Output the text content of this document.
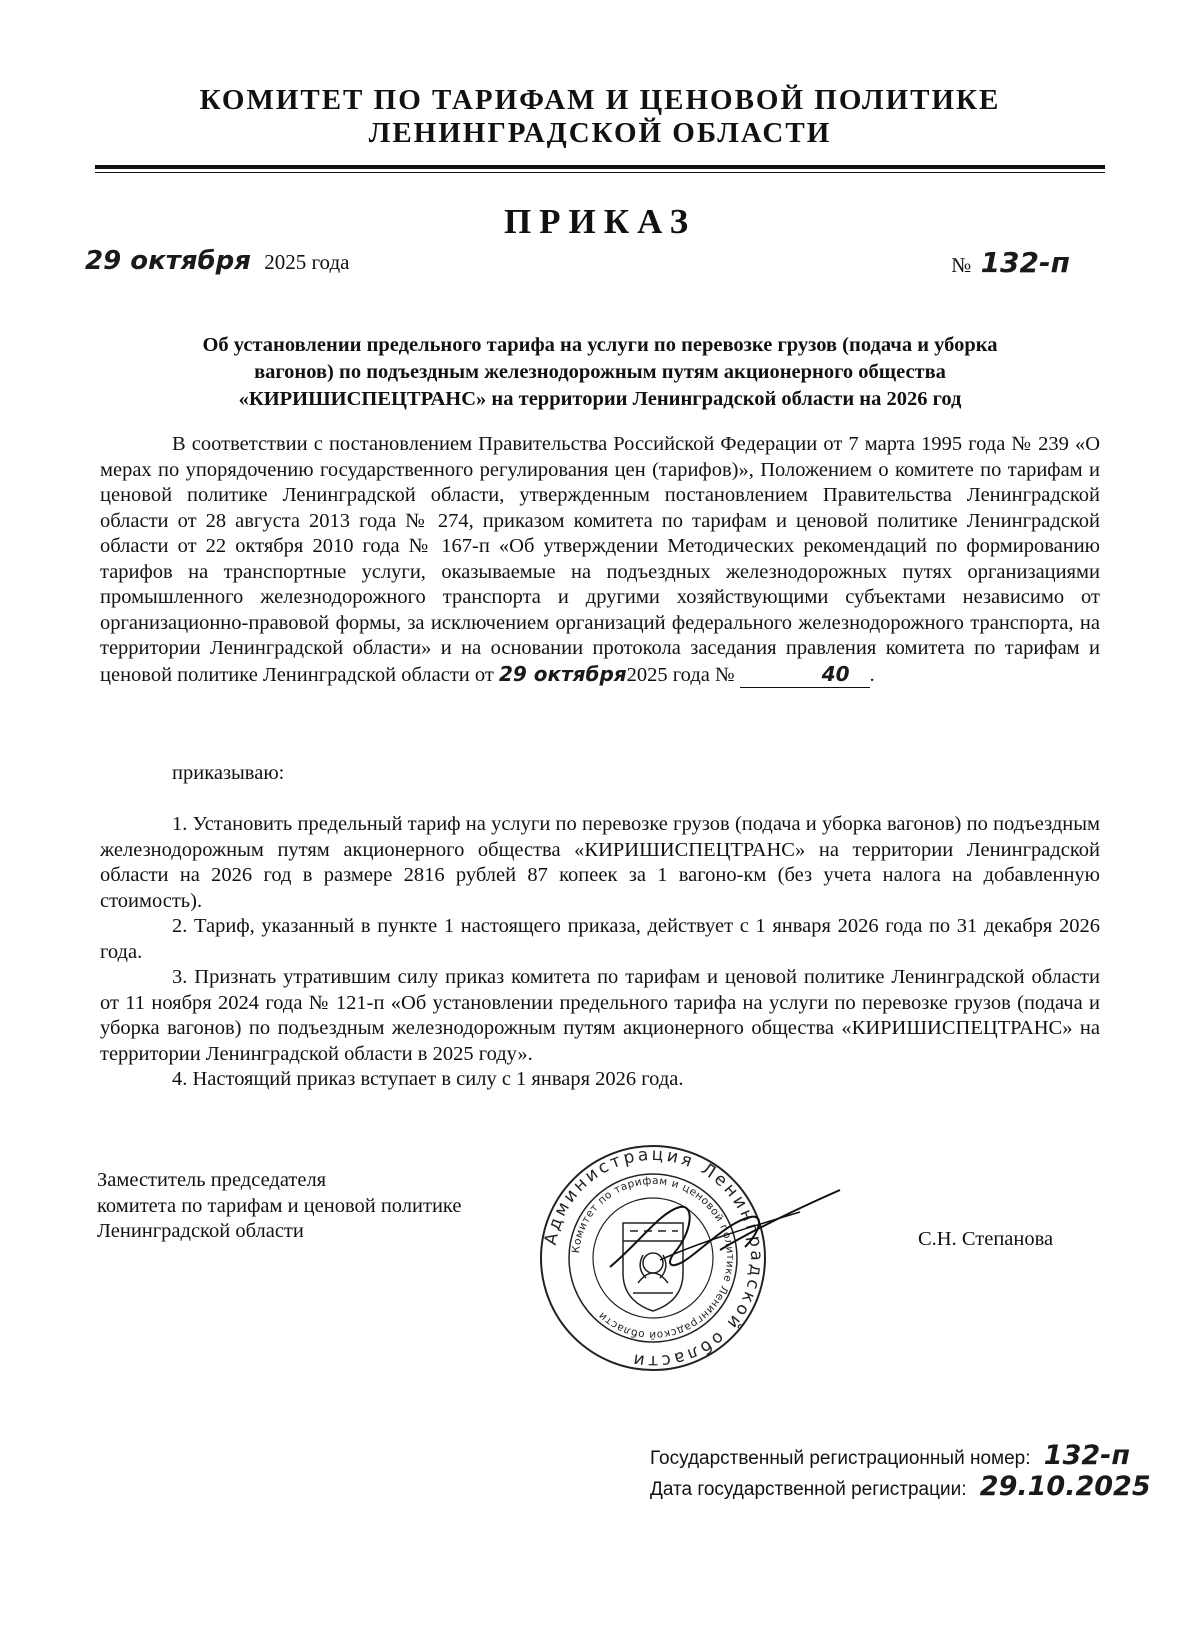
КОМИТЕТ ПО ТАРИФАМ И ЦЕНОВОЙ ПОЛИТИКЕ
ЛЕНИНГРАДСКОЙ ОБЛАСТИ
ПРИКАЗ
29 октября 2025 года	№ 132-п
Об установлении предельного тарифа на услуги по перевозке грузов (подача и уборка
вагонов) по подъездным железнодорожным путям акционерного общества
«КИРИШИСПЕЦТРАНС» на территории Ленинградской области на 2026 год
В соответствии с постановлением Правительства Российской Федерации от 7 марта 1995 года № 239 «О мерах по упорядочению государственного регулирования цен (тарифов)», Положением о комитете по тарифам и ценовой политике Ленинградской области, утвержденным постановлением Правительства Ленинградской области от 28 августа 2013 года № 274, приказом комитета по тарифам и ценовой политике Ленинградской области от 22 октября 2010 года № 167-п «Об утверждении Методических рекомендаций по формированию тарифов на транспортные услуги, оказываемые на подъездных железнодорожных путях организациями промышленного железнодорожного транспорта и другими хозяйствующими субъектами независимо от организационно-правовой формы, за исключением организаций федерального железнодорожного транспорта, на территории Ленинградской области» и на основании протокола заседания правления комитета по тарифам и ценовой политике Ленинградской области от 29 октября2025 года №	40 .
приказываю:

1. Установить предельный тариф на услуги по перевозке грузов (подача и уборка вагонов) по подъездным железнодорожным путям акционерного общества «КИРИШИСПЕЦТРАНС» на территории Ленинградской области на 2026 год в размере 2816 рублей 87 копеек за 1 вагоно-км (без учета налога на добавленную стоимость).

2. Тариф, указанный в пункте 1 настоящего приказа, действует с 1 января 2026 года по 31 декабря 2026 года.

3. Признать утратившим силу приказ комитета по тарифам и ценовой политике Ленинградской области от 11 ноября 2024 года № 121-п «Об установлении предельного тарифа на услуги по перевозке грузов (подача и уборка вагонов) по подъездным железнодорожным путям акционерного общества «КИРИШИСПЕЦТРАНС» на территории Ленинградской области в 2025 году».

4. Настоящий приказ вступает в силу с 1 января 2026 года.

Заместитель председателя
комитета по тарифам и ценовой политике
Ленинградской области	Администрация Ленинградской области
Комитет по тарифам и ценовой политике Ленинградской области
С.Н. Степанова
Государственный регистрационный номер: 132-п
Дата государственной регистрации: 29.10.2025
